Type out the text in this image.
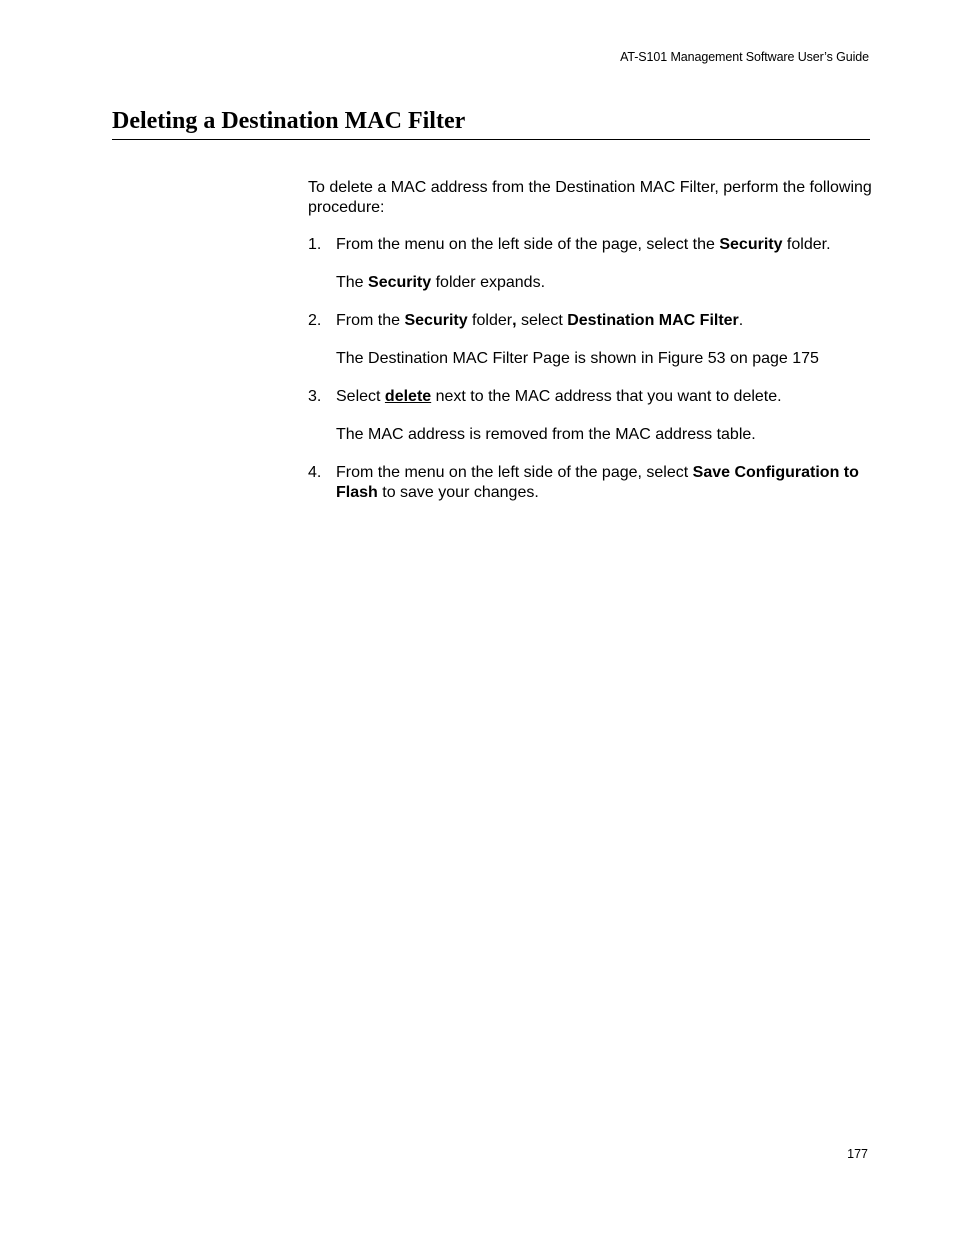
AT-S101 Management Software User’s Guide
Deleting a Destination MAC Filter

To delete a MAC address from the Destination MAC Filter, perform the following procedure:

1. From the menu on the left side of the page, select the Security folder.

The Security folder expands.

2. From the Security folder, select Destination MAC Filter.

The Destination MAC Filter Page is shown in Figure 53 on page 175

3. Select delete next to the MAC address that you want to delete.

The MAC address is removed from the MAC address table.

4. From the menu on the left side of the page, select Save Configuration to Flash to save your changes.

177
